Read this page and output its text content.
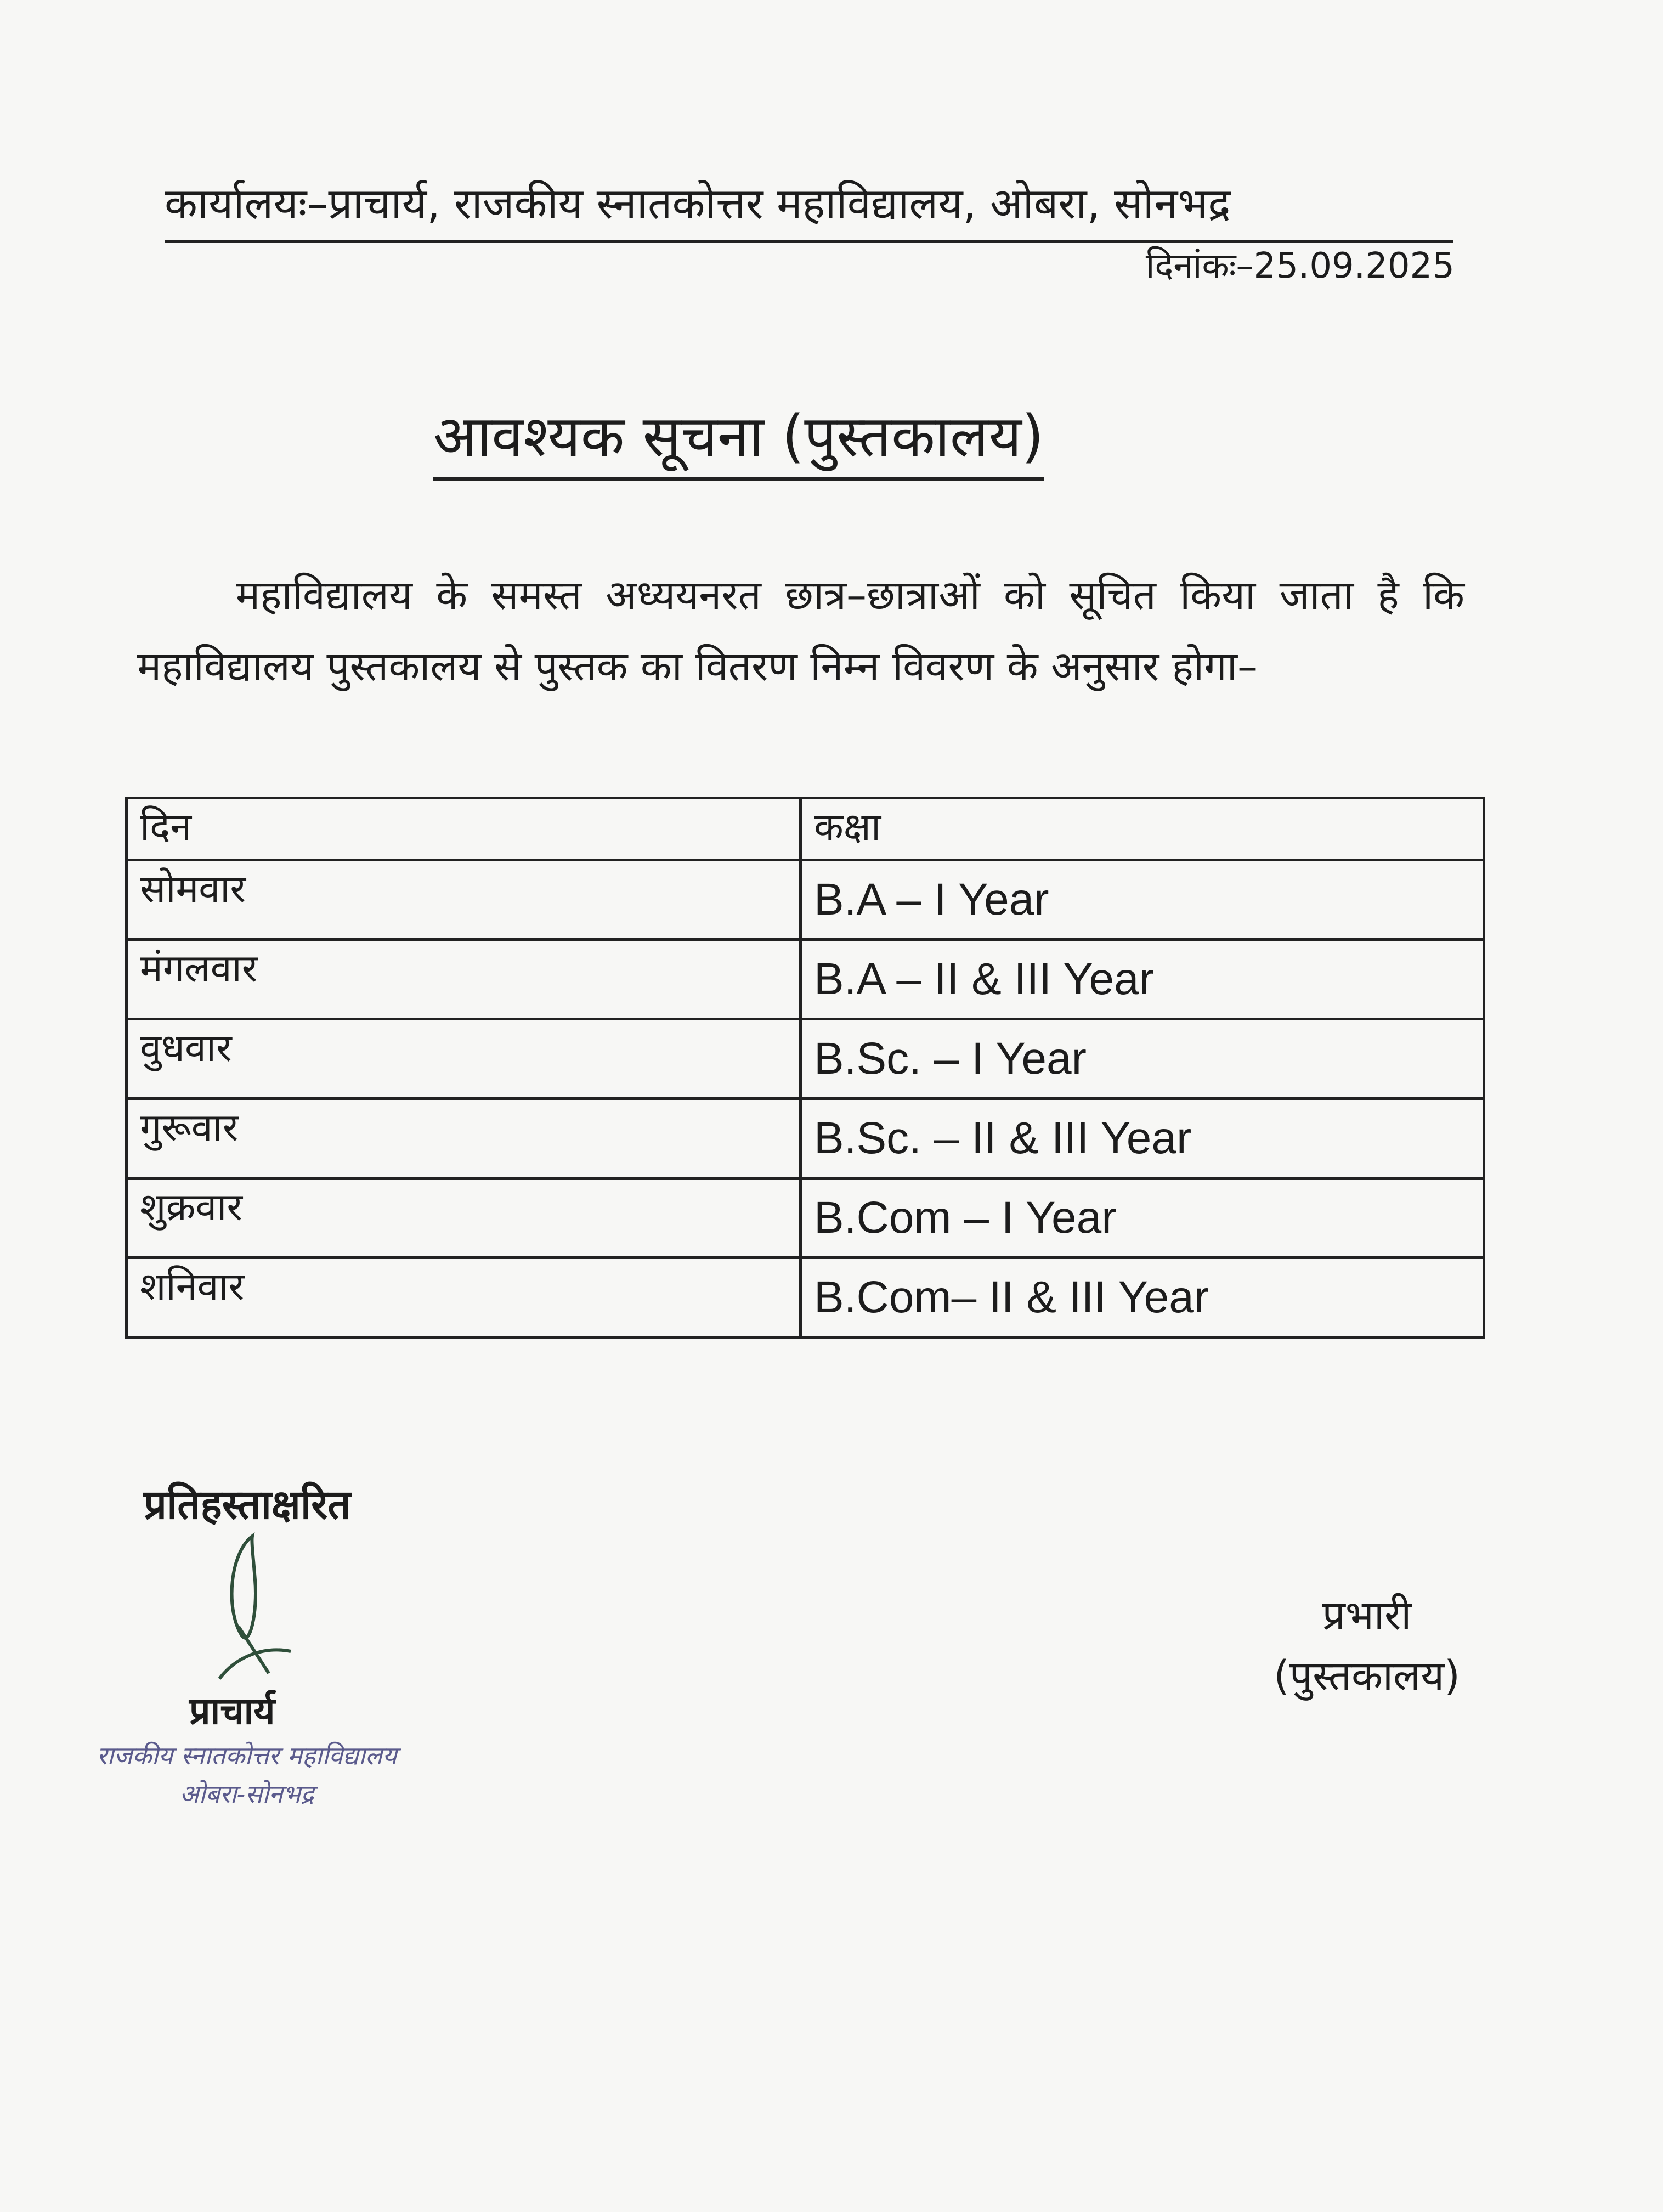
कार्यालयः–प्राचार्य, राजकीय स्नातकोत्तर महाविद्यालय, ओबरा, सोनभद्र
दिनांकः–25.09.2025
आवश्यक सूचना (पुस्तकालय)
महाविद्यालय के समस्त अध्ययनरत छात्र–छात्राओं को सूचित किया जाता है कि महाविद्यालय पुस्तकालय से पुस्तक का वितरण निम्न विवरण के अनुसार होगा–
दिन	कक्षा
सोमवार	B.A – I Year
मंगलवार	B.A – II & III Year
वुधवार	B.Sc. – I Year
गुरूवार	B.Sc. – II & III Year
शुक्रवार	B.Com – I Year
शनिवार	B.Com– II & III Year
प्रतिहस्ताक्षरित
प्राचार्य
राजकीय स्नातकोत्तर महाविद्यालय
ओबरा-सोनभद्र
प्रभारी
(पुस्तकालय)
